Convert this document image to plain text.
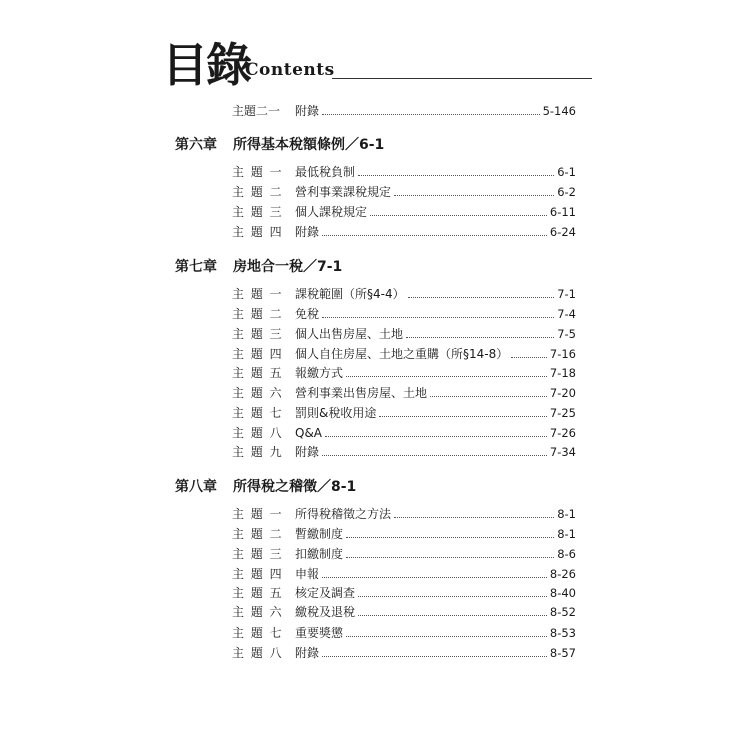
目錄
Contents
主題二一	附錄	5-146
第六章 所得基本稅額條例／6-1
主 題 一 最低稅負制	6-1
主 題 二 營利事業課稅規定	6-2
主 題 三 個人課稅規定	6-11
主 題 四 附錄	6-24
第七章 房地合一稅／7-1
主 題 一 課稅範圍（所§4-4）	7-1
主 題 二 免稅	7-4
主 題 三 個人出售房屋、土地	7-5
主 題 四 個人自住房屋、土地之重購（所§14-8）	7-16
主 題 五 報繳方式	7-18
主 題 六 營利事業出售房屋、土地	7-20
主 題 七 罰則&稅收用途	7-25
主 題 八 Q&A	7-26
主 題 九 附錄	7-34
第八章 所得稅之稽徵／8-1
主 題 一 所得稅稽徵之方法	8-1
主 題 二 暫繳制度	8-1
主 題 三 扣繳制度	8-6
主 題 四 申報	8-26
主 題 五 核定及調查	8-40
主 題 六 繳稅及退稅	8-52
主 題 七 重要獎懲	8-53
主 題 八 附錄	8-57
